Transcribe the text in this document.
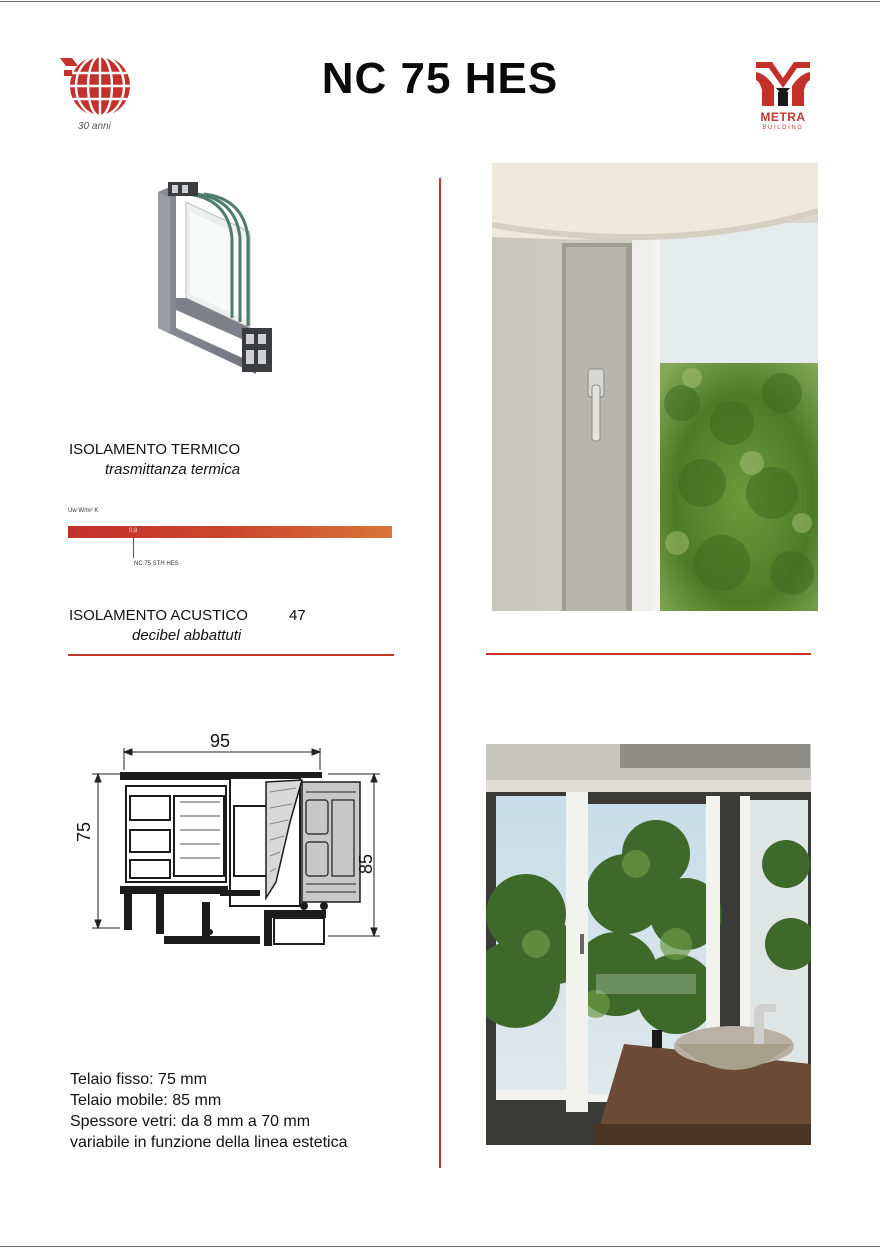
30 anni
NC 75 HES
METRA
BUILDING
ISOLAMENTO TERMICO
trasmittanza termica
Uw W/m² K
0,8
NC 75 STH HES
ISOLAMENTO ACUSTICO	47
decibel abbattuti
95
75
85
Telaio fisso: 75 mm
Telaio mobile: 85 mm
Spessore vetri: da 8 mm a 70 mm
variabile in funzione della linea estetica
